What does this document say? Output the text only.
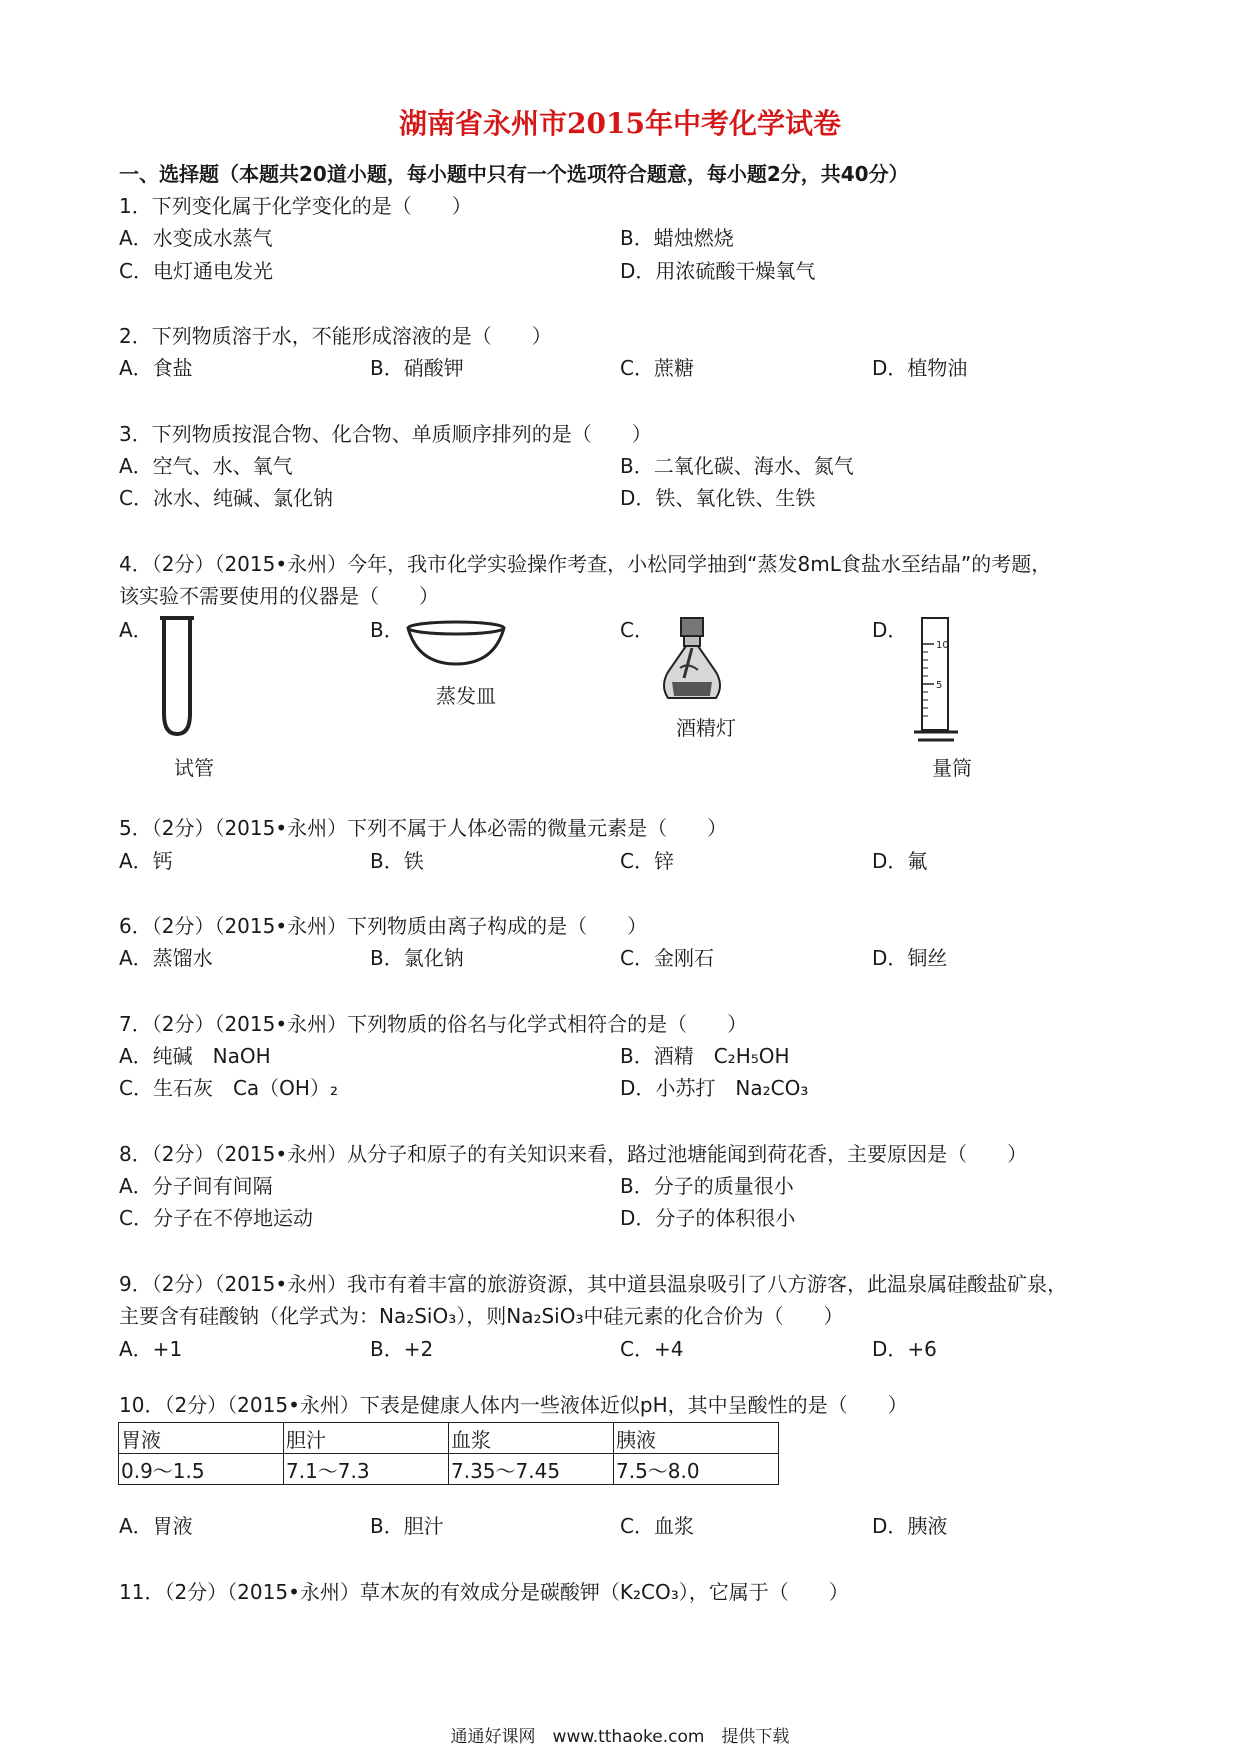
湖南省永州市2015年中考化学试卷
一、选择题（本题共20道小题，每小题中只有一个选项符合题意，每小题2分，共40分）
1．下列变化属于化学变化的是（　　）
A．水变成水蒸气	B．蜡烛燃烧
C．电灯通电发光	D．用浓硫酸干燥氧气
2．下列物质溶于水，不能形成溶液的是（　　）
A．食盐	B．硝酸钾	C．蔗糖	D．植物油
3．下列物质按混合物、化合物、单质顺序排列的是（　　）
A．空气、水、氧气	B．二氧化碳、海水、氮气
C．冰水、纯碱、氯化钠	D．铁、氧化铁、生铁
4．（2分）（2015•永州）今年，我市化学实验操作考查，小松同学抽到“蒸发8mL食盐水至结晶”的考题，
该实验不需要使用的仪器是（　　）
A．	B．	C．	D．
试管
蒸发皿
酒精灯
10
5
量筒
5．（2分）（2015•永州）下列不属于人体必需的微量元素是（　　）
A．钙	B．铁	C．锌	D．氟
6．（2分）（2015•永州）下列物质由离子构成的是（　　）
A．蒸馏水	B．氯化钠	C．金刚石	D．铜丝
7．（2分）（2015•永州）下列物质的俗名与化学式相符合的是（　　）
A．纯碱　NaOH	B．酒精　C₂H₅OH
C．生石灰　Ca（OH）₂	D．小苏打　Na₂CO₃
8．（2分）（2015•永州）从分子和原子的有关知识来看，路过池塘能闻到荷花香，主要原因是（　　）
A．分子间有间隔	B．分子的质量很小
C．分子在不停地运动	D．分子的体积很小
9．（2分）（2015•永州）我市有着丰富的旅游资源，其中道县温泉吸引了八方游客，此温泉属硅酸盐矿泉，
主要含有硅酸钠（化学式为：Na₂SiO₃），则Na₂SiO₃中硅元素的化合价为（　　）
A．+1	B．+2	C．+4	D．+6
10．（2分）（2015•永州）下表是健康人体内一些液体近似pH，其中呈酸性的是（　　）
胃液	胆汁	血浆	胰液
0.9～1.5	7.1～7.3	7.35～7.45	7.5～8.0
A．胃液	B．胆汁	C．血浆	D．胰液
11．（2分）（2015•永州）草木灰的有效成分是碳酸钾（K₂CO₃），它属于（　　）
通通好课网　www.tthaoke.com　提供下载
